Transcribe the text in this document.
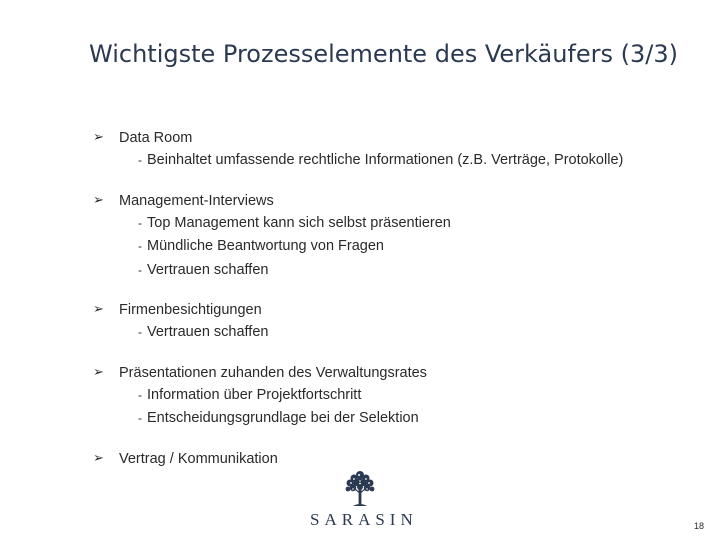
Wichtigste Prozesselemente des Verkäufers (3/3)
➢	Data Room
- Beinhaltet umfassende rechtliche Informationen (z.B. Verträge, Protokolle)
➢	Management-Interviews
- Top Management kann sich selbst präsentieren
- Mündliche Beantwortung von Fragen
- Vertrauen schaffen
➢	Firmenbesichtigungen
- Vertrauen schaffen
➢	Präsentationen zuhanden des Verwaltungsrates
- Information über Projektfortschritt
- Entscheidungsgrundlage bei der Selektion
➢	Vertrag / Kommunikation
SARASIN	18
